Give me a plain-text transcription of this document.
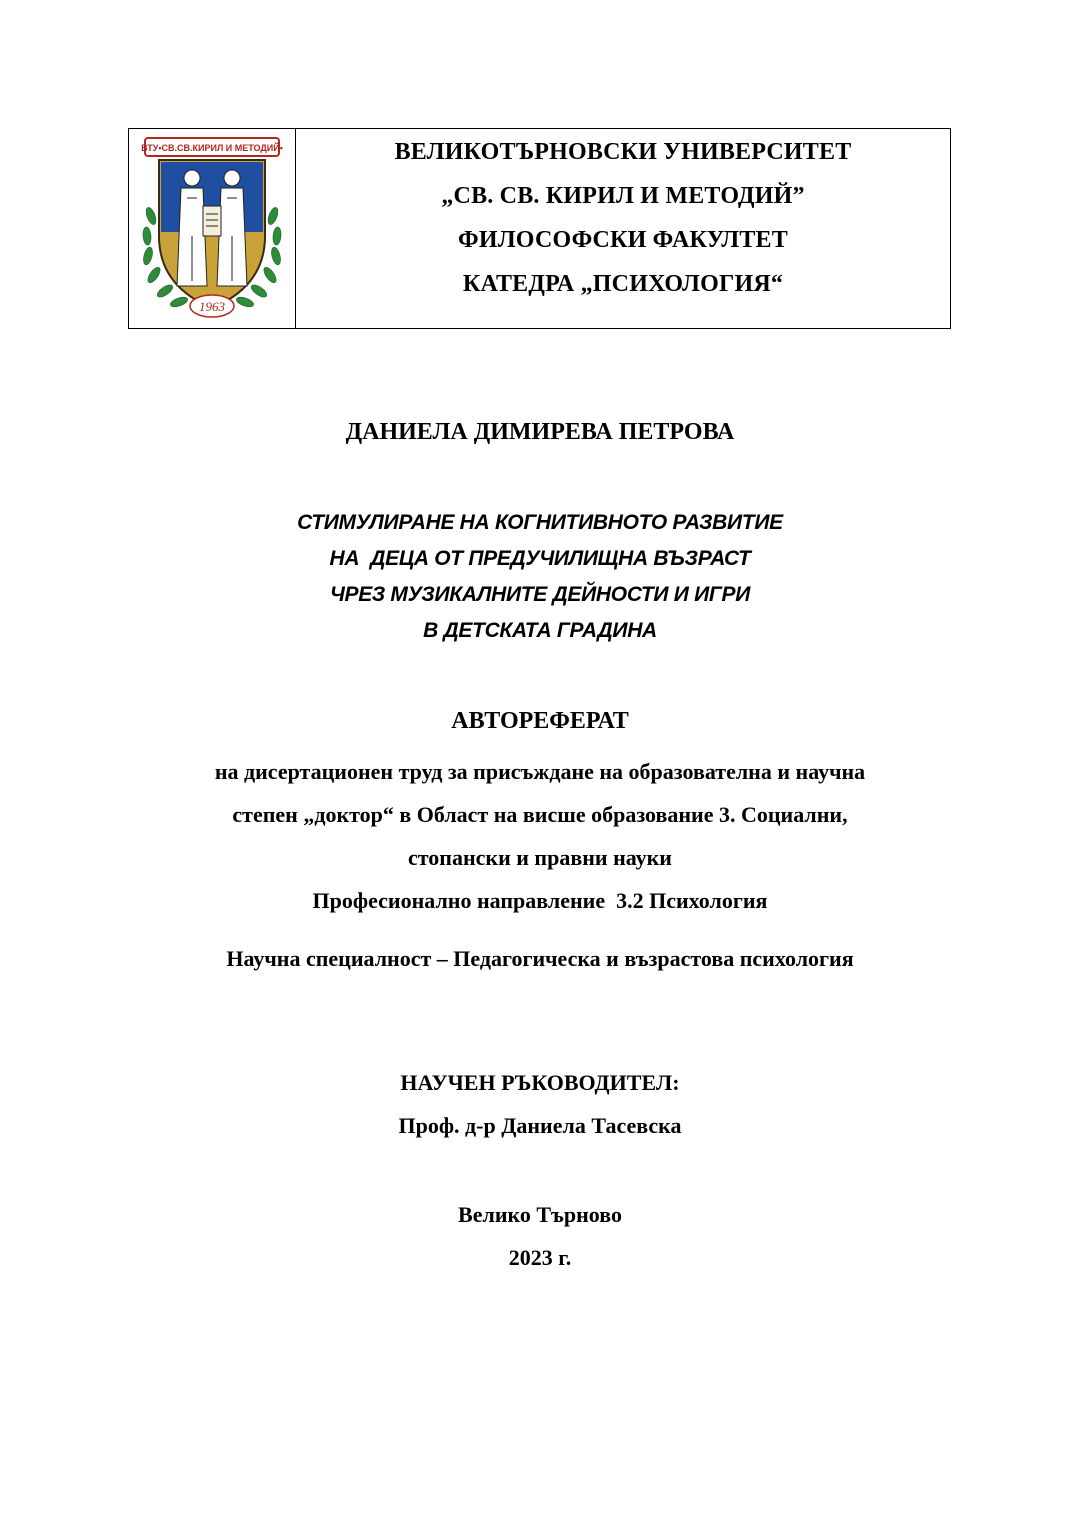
ВТУ•СВ.СВ.КИРИЛ И МЕТОДИЙ•
1963
ВЕЛИКОТЪРНОВСКИ УНИВЕРСИТЕТ
„СВ. СВ. КИРИЛ И МЕТОДИЙ”
ФИЛОСОФСКИ ФАКУЛТЕТ
КАТЕДРА „ПСИХОЛОГИЯ“
ДАНИЕЛА ДИМИРЕВА ПЕТРОВА
СТИМУЛИРАНЕ НА КОГНИТИВНОТО РАЗВИТИЕ
НА  ДЕЦА ОТ ПРЕДУЧИЛИЩНА ВЪЗРАСТ
ЧРЕЗ МУЗИКАЛНИТЕ ДЕЙНОСТИ И ИГРИ
В ДЕТСКАТА ГРАДИНА
АВТОРЕФЕРАТ
на дисертационен труд за присъждане на образователна и научна
степен „доктор“ в Област на висше образование 3. Социални,
стопански и правни науки
Професионално направление  3.2 Психология
Научна специалност – Педагогическа и възрастова психология
НАУЧЕН РЪКОВОДИТЕЛ:
Проф. д-р Даниела Тасевска
Велико Търново
2023 г.
